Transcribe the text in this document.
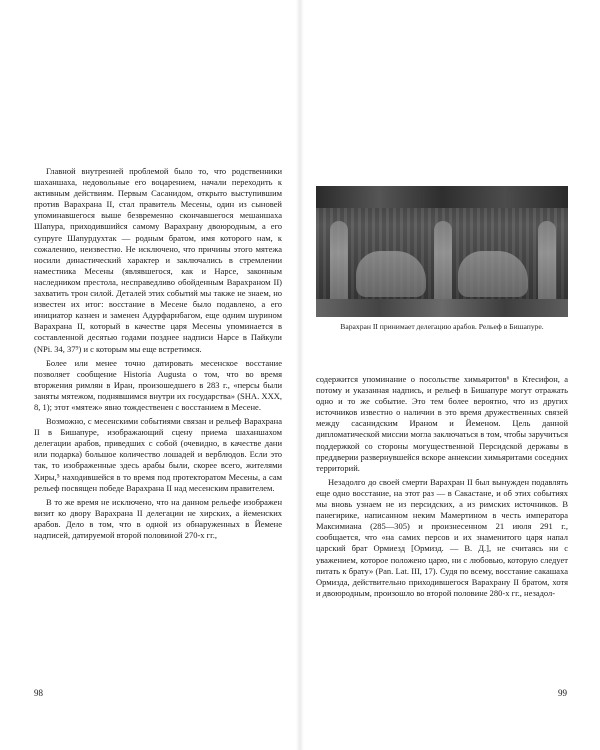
Главной внутренней проблемой было то, что родственники шаханшаха, недовольные его воцарением, начали переходить к активным действиям. Первым Сасанидом, открыто выступившим против Варахрана II, стал правитель Месены, один из сыновей упоминавшегося выше безвременно скончавшегося мешаншаха Шапура, приходившийся самому Варахрану двоюродным, а его супруге Шапурдухтак — родным братом, имя которого нам, к сожалению, неизвестно. Не исключено, что причины этого мятежа носили династический характер и заключались в стремлении наместника Месены (являвшегося, как и Нарсе, законным наследником престола, несправедливо обойденным Варахраном II) захватить трон силой. Деталей этих событий мы также не знаем, но известен их итог: восстание в Месене было подавлено, а его инициатор казнен и заменен Адурфарнбагом, еще одним шурином Варахрана II, который в качестве царя Месены упоминается в составленной десятью годами позднее надписи Нарсе в Пайкули (NPi. 34, 37⁹) и с которым мы еще встретимся.

Более или менее точно датировать месенское восстание позволяет сообщение Historia Augusta о том, что во время вторжения римлян в Иран, произошедшего в 283 г., «персы были заняты мятежом, поднявшимся внутри их государства» (SHA. XXX, 8, 1); этот «мятеж» явно тождественен с восстанием в Месене.

Возможно, с месенскими событиями связан и рельеф Варахрана II в Бишапуре, изображающий сцену приема шаханшахом делегации арабов, приведших с собой (очевидно, в качестве дани или подарка) большое количество лошадей и верблюдов. Если это так, то изображенные здесь арабы были, скорее всего, жителями Хиры,⁵ находившейся в то время под протекторатом Месены, а сам рельеф посвящен победе Варахрана II над месенским правителем.

В то же время не исключено, что на данном рельефе изображен визит ко двору Варахрана II делегации не хирских, а йеменских арабов. Дело в том, что в одной из обнаруженных в Йемене надписей, датируемой второй половиной 270-х гг.,

Варахран II принимает делегацию арабов. Рельеф в Бишапуре.

содержится упоминание о посольстве химьяритов⁶ в Ктесифон, а потому и указанная надпись, и рельеф в Бишапуре могут отражать одно и то же событие. Это тем более вероятно, что из других источников известно о наличии в это время дружественных связей между сасанидским Ираном и Йеменом. Цель данной дипломатической миссии могла заключаться в том, чтобы заручиться поддержкой со стороны могущественной Персидской державы в преддверии развернувшейся вскоре аннексии химьяритами соседних территорий.

Незадолго до своей смерти Варахран II был вынужден подавлять еще одно восстание, на этот раз — в Сакастане, и об этих событиях мы вновь узнаем не из персидских, а из римских источников. В панегирике, написанном неким Мамертином в честь императора Максимиана (285—305) и произнесенном 21 июля 291 г., сообщается, что «на самих персов и их знаменитого царя напал царский брат Ормиезд [Ормизд. — В. Д.], не считаясь ни с уважением, которое положено царю, ни с любовью, которую следует питать к брату» (Pan. Lat. III, 17). Судя по всему, восстание сакашаха Ормизда, действительно приходившегося Варахрану II братом, хотя и двоюродным, произошло во второй половине 280-х гг., незадол-

98	99
